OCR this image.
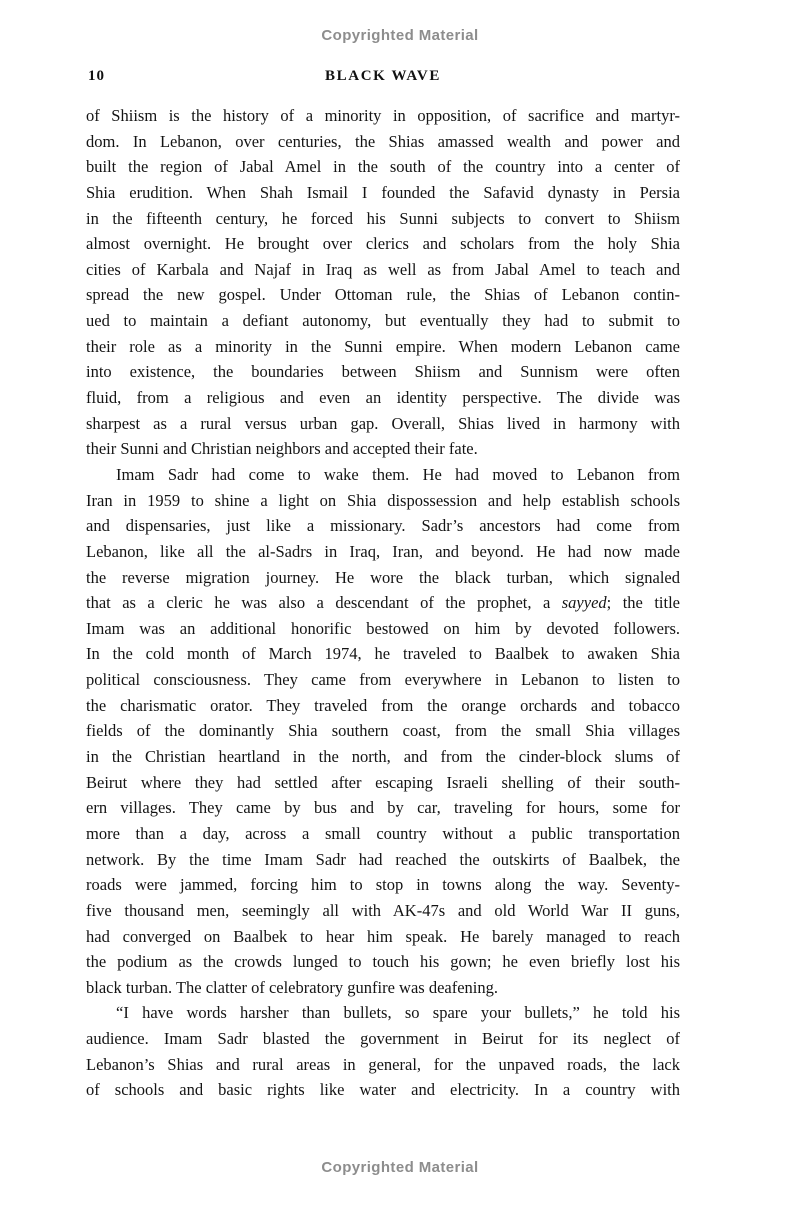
Copyrighted Material
10	BLACK WAVE
of Shiism is the history of a minority in opposition, of sacrifice and martyr-
dom. In Lebanon, over centuries, the Shias amassed wealth and power and
built the region of Jabal Amel in the south of the country into a center of
Shia erudition. When Shah Ismail I founded the Safavid dynasty in Persia
in the fifteenth century, he forced his Sunni subjects to convert to Shiism
almost overnight. He brought over clerics and scholars from the holy Shia
cities of Karbala and Najaf in Iraq as well as from Jabal Amel to teach and
spread the new gospel. Under Ottoman rule, the Shias of Lebanon contin-
ued to maintain a defiant autonomy, but eventually they had to submit to
their role as a minority in the Sunni empire. When modern Lebanon came
into existence, the boundaries between Shiism and Sunnism were often
fluid, from a religious and even an identity perspective. The divide was
sharpest as a rural versus urban gap. Overall, Shias lived in harmony with
their Sunni and Christian neighbors and accepted their fate.
Imam Sadr had come to wake them. He had moved to Lebanon from
Iran in 1959 to shine a light on Shia dispossession and help establish schools
and dispensaries, just like a missionary. Sadr’s ancestors had come from
Lebanon, like all the al-Sadrs in Iraq, Iran, and beyond. He had now made
the reverse migration journey. He wore the black turban, which signaled
that as a cleric he was also a descendant of the prophet, a sayyed; the title
Imam was an additional honorific bestowed on him by devoted followers.
In the cold month of March 1974, he traveled to Baalbek to awaken Shia
political consciousness. They came from everywhere in Lebanon to listen to
the charismatic orator. They traveled from the orange orchards and tobacco
fields of the dominantly Shia southern coast, from the small Shia villages
in the Christian heartland in the north, and from the cinder-block slums of
Beirut where they had settled after escaping Israeli shelling of their south-
ern villages. They came by bus and by car, traveling for hours, some for
more than a day, across a small country without a public transportation
network. By the time Imam Sadr had reached the outskirts of Baalbek, the
roads were jammed, forcing him to stop in towns along the way. Seventy-
five thousand men, seemingly all with AK-47s and old World War II guns,
had converged on Baalbek to hear him speak. He barely managed to reach
the podium as the crowds lunged to touch his gown; he even briefly lost his
black turban. The clatter of celebratory gunfire was deafening.
“I have words harsher than bullets, so spare your bullets,” he told his
audience. Imam Sadr blasted the government in Beirut for its neglect of
Lebanon’s Shias and rural areas in general, for the unpaved roads, the lack
of schools and basic rights like water and electricity. In a country with
Copyrighted Material
